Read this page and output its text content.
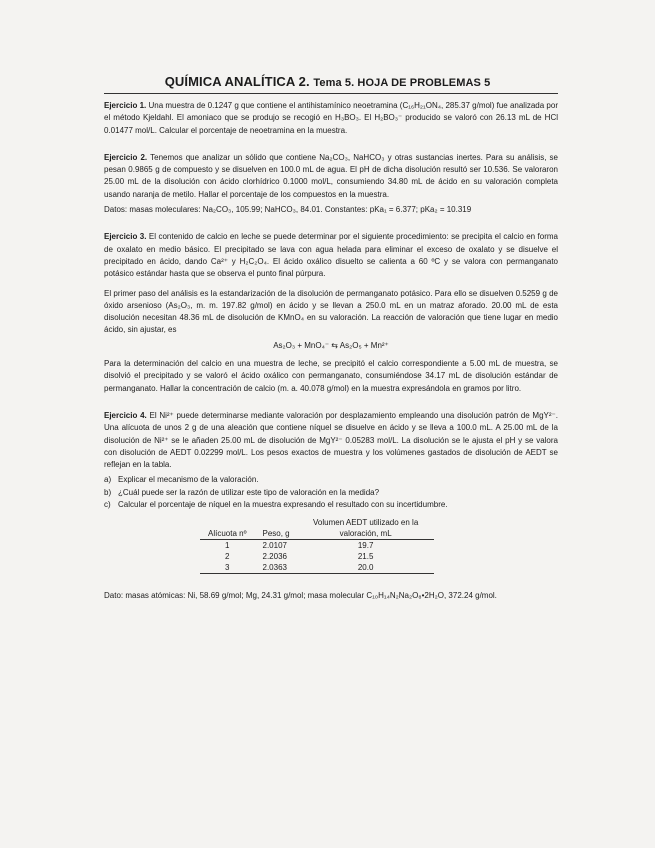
QUÍMICA ANALÍTICA 2. Tema 5. HOJA DE PROBLEMAS 5

Ejercicio 1. Una muestra de 0.1247 g que contiene el antihistamínico neoetramina (C₁₆H₂₁ON₄, 285.37 g/mol) fue analizada por el método Kjeldahl. El amoniaco que se produjo se recogió en H₃BO₃. El H₂BO₃⁻ producido se valoró con 26.13 mL de HCl 0.01477 mol/L. Calcular el porcentaje de neoetramina en la muestra.

Ejercicio 2. Tenemos que analizar un sólido que contiene Na₂CO₃, NaHCO₃ y otras sustancias inertes. Para su análisis, se pesan 0.9865 g de compuesto y se disuelven en 100.0 mL de agua. El pH de dicha disolución resultó ser 10.536. Se valoraron 25.00 mL de la disolución con ácido clorhídrico 0.1000 mol/L, consumiendo 34.80 mL de ácido en su valoración completa usando naranja de metilo. Hallar el porcentaje de los compuestos en la muestra.

Datos: masas moleculares: Na₂CO₃, 105.99; NaHCO₃, 84.01. Constantes: pKa₁ = 6.377; pKa₂ = 10.319

Ejercicio 3. El contenido de calcio en leche se puede determinar por el siguiente procedimiento: se precipita el calcio en forma de oxalato en medio básico. El precipitado se lava con agua helada para eliminar el exceso de oxalato y se disuelve el precipitado en ácido, dando Ca²⁺ y H₂C₂O₄. El ácido oxálico disuelto se calienta a 60 ºC y se valora con permanganato potásico estándar hasta que se observa el punto final púrpura.

El primer paso del análisis es la estandarización de la disolución de permanganato potásico. Para ello se disuelven 0.5259 g de óxido arsenioso (As₂O₃, m. m. 197.82 g/mol) en ácido y se llevan a 250.0 mL en un matraz aforado. 20.00 mL de esta disolución necesitan 48.36 mL de disolución de KMnO₄ en su valoración. La reacción de valoración que tiene lugar en medio ácido, sin ajustar, es

As₂O₃ + MnO₄⁻ ⇆ As₂O₅ + Mn²⁺

Para la determinación del calcio en una muestra de leche, se precipitó el calcio correspondiente a 5.00 mL de muestra, se disolvió el precipitado y se valoró el ácido oxálico con permanganato, consumiéndose 34.17 mL de disolución estándar de permanganato. Hallar la concentración de calcio (m. a. 40.078 g/mol) en la muestra expresándola en gramos por litro.

Ejercicio 4. El Ni²⁺ puede determinarse mediante valoración por desplazamiento empleando una disolución patrón de MgY²⁻. Una alícuota de unos 2 g de una aleación que contiene níquel se disuelve en ácido y se lleva a 100.0 mL. A 25.00 mL de la disolución de Ni²⁺ se le añaden 25.00 mL de disolución de MgY²⁻ 0.05283 mol/L. La disolución se le ajusta el pH y se valora con disolución de AEDT 0.02299 mol/L. Los pesos exactos de muestra y los volúmenes gastados de disolución de AEDT se reflejan en la tabla.

a) Explicar el mecanismo de la valoración.
b) ¿Cuál puede ser la razón de utilizar este tipo de valoración en la medida?
c) Calcular el porcentaje de níquel en la muestra expresando el resultado con su incertidumbre.
Alícuota nº	Peso, g	Volumen AEDT utilizado en la valoración, mL
1	2.0107	19.7
2	2.2036	21.5
3	2.0363	20.0

Dato: masas atómicas: Ni, 58.69 g/mol; Mg, 24.31 g/mol; masa molecular C₁₀H₁₄N₂Na₂O₈•2H₂O, 372.24 g/mol.
